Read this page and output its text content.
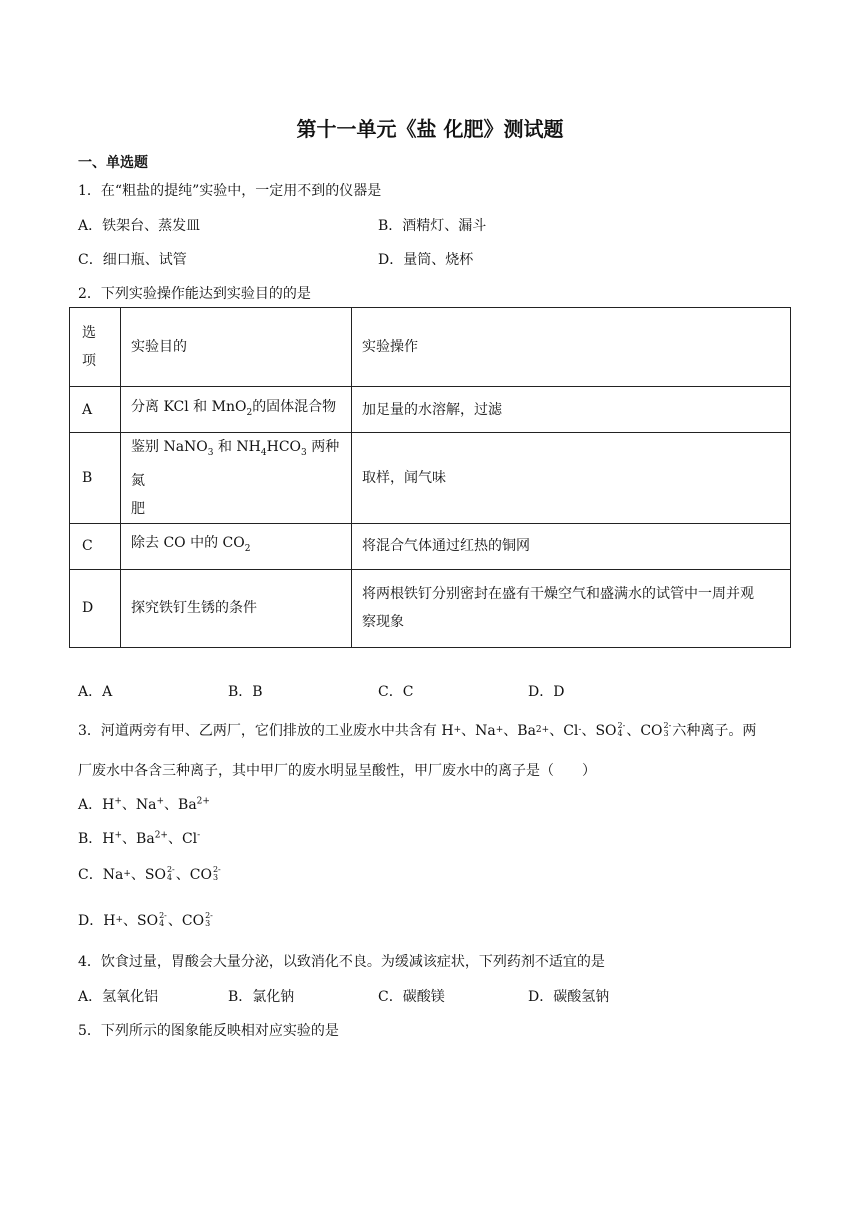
第十一单元《盐 化肥》测试题
一、单选题
1．在“粗盐的提纯”实验中，一定用不到的仪器是
A．铁架台、蒸发皿	B．酒精灯、漏斗
C．细口瓶、试管	D．量筒、烧杯
2．下列实验操作能达到实验目的的是
选
项	实验目的	实验操作
A	分离 KCl 和 MnO$_2$的固体混合物	加足量的水溶解，过滤
B	鉴别 NaNO$_3$ 和 $NH_4HCO_3$ 两种氮
肥	取样，闻气味
C	除去 CO 中的 $CO_2$	将混合气体通过红热的铜网
D	探究铁钉生锈的条件	将两根铁钉分别密封在盛有干燥空气和盛满水的试管中一周并观
察现象
A．A	B．B	C．C	D．D
3．河道两旁有甲、乙两厂，它们排放的工业废水中共含有 H + 、Na + 、Ba 2+ 、Cl - 、SO 2-
4 、CO 2-
3 六种离子。两
厂废水中各含三种离子，其中甲厂的废水明显呈酸性，甲厂废水中的离子是（　　）
A．H+、Na+、$Ba^{2+}$
B．H+、$Ba^{2+}$、Cl-
C．Na + 、SO 2-
4 、CO 2-
3
D．H + 、SO 2-
4 、CO 2-
3
4．饮食过量，胃酸会大量分泌，以致消化不良。为缓减该症状，下列药剂不适宜的是
A．氢氧化铝	B．氯化钠	C．碳酸镁	D．碳酸氢钠
5．下列所示的图象能反映相对应实验的是
